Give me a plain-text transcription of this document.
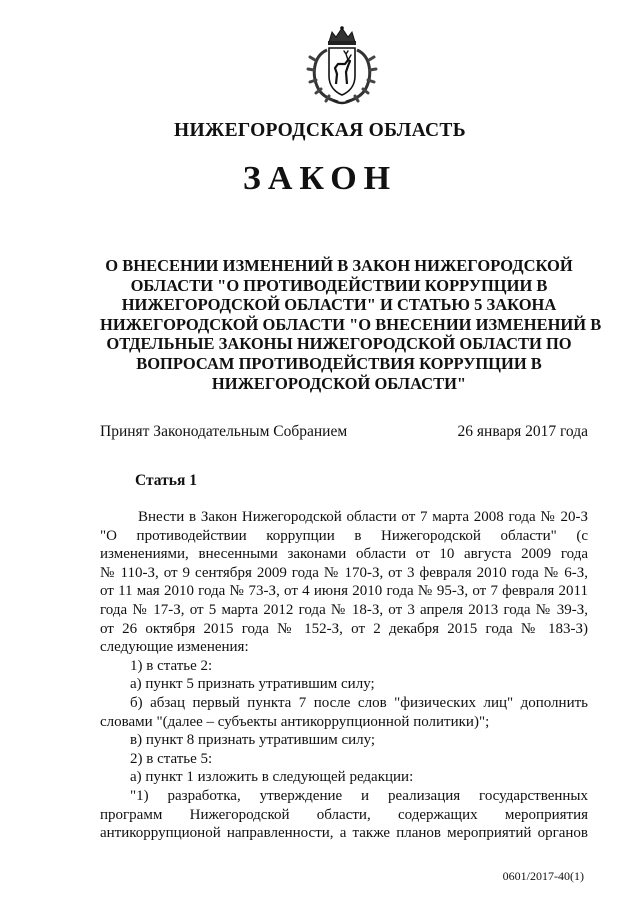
НИЖЕГОРОДСКАЯ ОБЛАСТЬ
ЗАКОН
О ВНЕСЕНИИ ИЗМЕНЕНИЙ В ЗАКОН НИЖЕГОРОДСКОЙ
ОБЛАСТИ "О ПРОТИВОДЕЙСТВИИ КОРРУПЦИИ В
НИЖЕГОРОДСКОЙ ОБЛАСТИ" И СТАТЬЮ 5 ЗАКОНА
НИЖЕГОРОДСКОЙ ОБЛАСТИ "О ВНЕСЕНИИ ИЗМЕНЕНИЙ В
ОТДЕЛЬНЫЕ ЗАКОНЫ НИЖЕГОРОДСКОЙ ОБЛАСТИ ПО
ВОПРОСАМ ПРОТИВОДЕЙСТВИЯ КОРРУПЦИИ В
НИЖЕГОРОДСКОЙ ОБЛАСТИ"
Принят Законодательным Собранием	26 января 2017 года
Статья 1
Внести в Закон Нижегородской области от 7 марта 2008 года № 20-З
"О противодействии коррупции в Нижегородской области" (с
изменениями, внесенными законами области от 10 августа 2009 года
№ 110-З, от 9 сентября 2009 года № 170-З, от 3 февраля 2010 года № 6-З,
от 11 мая 2010 года № 73-З, от 4 июня 2010 года № 95-З, от 7 февраля 2011
года № 17-З, от 5 марта 2012 года № 18-З, от 3 апреля 2013 года № 39-З,
от 26 октября 2015 года № 152-З, от 2 декабря 2015 года № 183-З)
следующие изменения:
1) в статье 2:
а) пункт 5 признать утратившим силу;
б) абзац первый пункта 7 после слов "физических лиц" дополнить
словами "(далее – субъекты антикоррупционной политики)";
в) пункт 8 признать утратившим силу;
2) в статье 5:
а) пункт 1 изложить в следующей редакции:
"1) разработка, утверждение и реализация государственных
программ Нижегородской области, содержащих мероприятия
антикоррупционой направленности, а также планов мероприятий органов
0601/2017-40(1)
